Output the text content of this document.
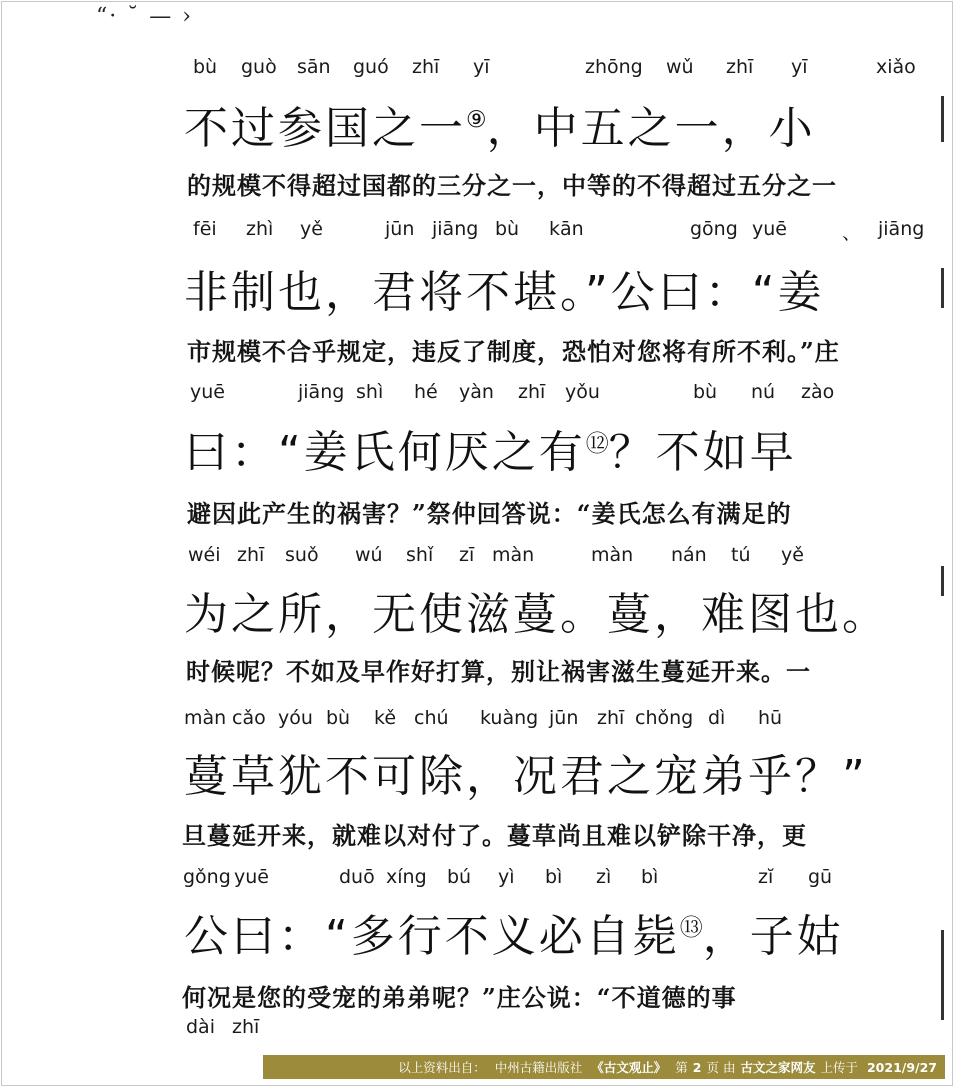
“· ˘ — ›
bù guò sān guó zhī yī	zhōng wǔ zhī yī	xiǎo
不过参国之一⑨，中五之一，小
的规模不得超过国都的三分之一，中等的不得超过五分之一
fēi zhì yě	jūn jiāng bù kān	gōng yuē	、 jiāng
非制也，君将不堪。”公曰：“姜
市规模不合乎规定，违反了制度，恐怕对您将有所不利。”庄
yuē	jiāng shì hé yàn zhī yǒu	bù nú zào
曰：“姜氏何厌之有⑫？不如早
避因此产生的祸害？”祭仲回答说：“姜氏怎么有满足的
wéi zhī suǒ wú shǐ zī màn	màn nán tú yě
为之所，无使滋蔓。蔓，难图也。
时候呢？不如及早作好打算，别让祸害滋生蔓延开来。一
màn cǎo yóu bù kě chú kuàng jūn zhī chǒng dì hū
蔓草犹不可除，况君之宠弟乎？”
旦蔓延开来，就难以对付了。蔓草尚且难以铲除干净，更
gǒng yuē	duō xíng bú yì bì zì bì	zĭ gū
公曰：“多行不义必自毙⑬，子姑
何况是您的受宠的弟弟呢？”庄公说：“不道德的事
dài zhī
以上资料出自： 中州古籍出版社 《古文观止》 第 2 页 由 古文之家网友 上传于 2021/9/27
